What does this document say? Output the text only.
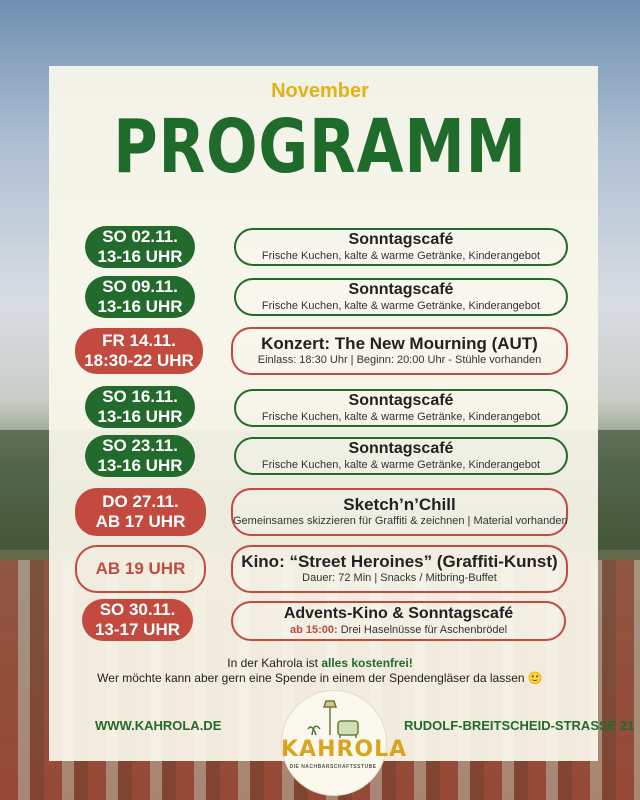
November
PROGRAMM
SO 02.11.
13-16 UHR
Sonntagscafé
Frische Kuchen, kalte & warme Getränke, Kinderangebot
SO 09.11.
13-16 UHR
Sonntagscafé
Frische Kuchen, kalte & warme Getränke, Kinderangebot
FR 14.11.
18:30-22 UHR
Konzert: The New Mourning (AUT)
Einlass: 18:30 Uhr | Beginn: 20:00 Uhr - Stühle vorhanden
SO 16.11.
13-16 UHR
Sonntagscafé
Frische Kuchen, kalte & warme Getränke, Kinderangebot
SO 23.11.
13-16 UHR
Sonntagscafé
Frische Kuchen, kalte & warme Getränke, Kinderangebot
DO 27.11.
AB 17 UHR
Sketch’n’Chill
Gemeinsames skizzieren für Graffiti & zeichnen | Material vorhanden
AB 19 UHR	Kino: “Street Heroines” (Graffiti-Kunst)
Dauer: 72 Min | Snacks / Mitbring-Buffet
SO 30.11.
13-17 UHR
Advents-Kino & Sonntagscafé
ab 15:00: Drei Haselnüsse für Aschenbrödel
In der Kahrola ist alles kostenfrei!
Wer möchte kann aber gern eine Spende in einem der Spendengläser da lassen 🙂
WWW.KAHROLA.DE	RUDOLF-BREITSCHEID-STRASSE 21
KAHROLA
DIE NACHBARSCHAFTSSTUBE
